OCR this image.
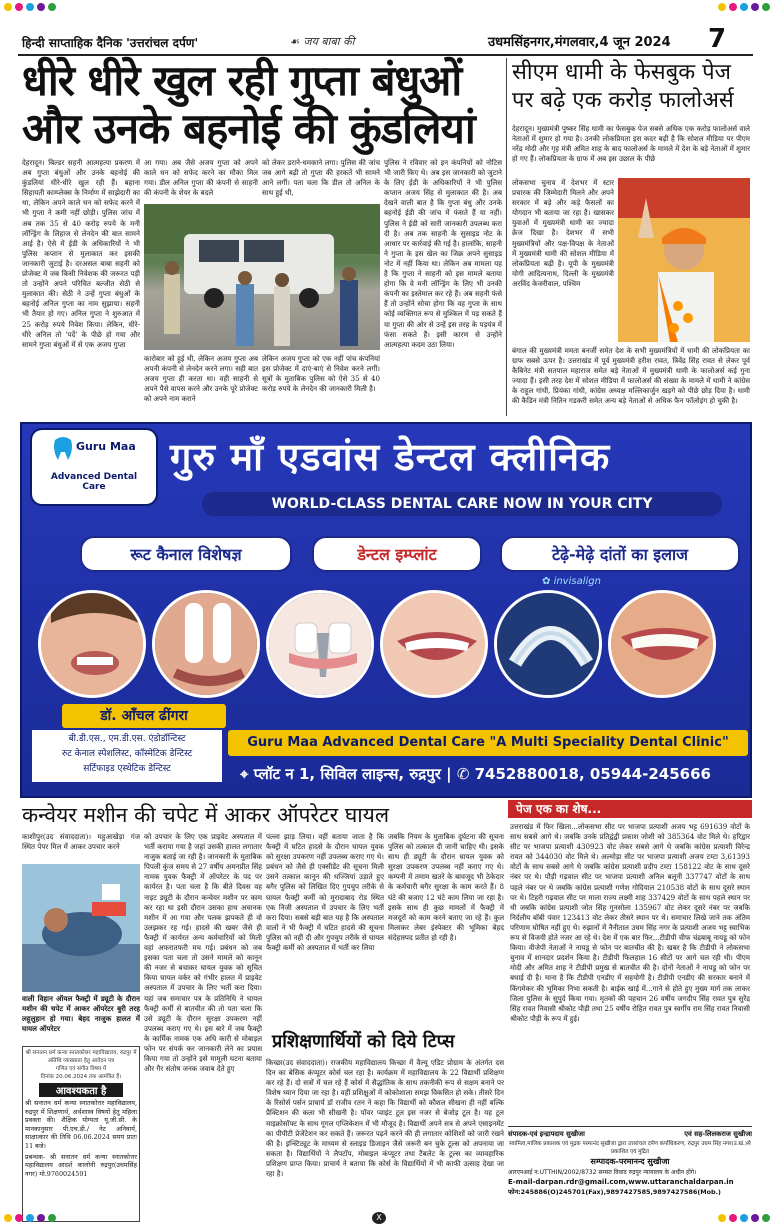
हिन्दी साप्ताहिक दैनिक 'उत्तरांचल दर्पण'	☙ जय बाबा की	उधमसिंहनगर,मंगलवार,4 जून 2024 7
धीरे धीरे खुल रही गुप्ता बंधुओं
और उनके बहनोई की कुंडलियां
देहरादून। बिल्डर सहनी आत्महत्या प्रकरण में अब गुप्ता बंधुओं और उनके बहनोई की कुंडलियां धीरे-धीरे खुल रही हैं। बहाना सिहायती काम्प्लेक्स के निर्माण में साझेदारी का था, लेकिन अपने काले धन को सफेद करने में भी गुप्ता ने कमी नहीं छोड़ी। पुलिस जांच में अब तक 35 से 40 करोड़ रुपये के मनी लॉन्ड्रिंग के लिहाज से लेनदेन की बात सामने आई है। ऐसे में ईडी के अधिकारियों ने भी पुलिस कप्तान से मुलाकात कर इसकी जानकारी जुटाई है। दरअसल बाबा सहनी को प्रोजेक्ट में जब किसी निवेशक की जरूरत पड़ी तो उन्होंने अपने परिचित बल्जीत सेठी से मुलाकात की। सेठी ने उन्हें गुप्ता बंधुओं के बहनोई अनिल गुप्ता का नाम सुझाया। सहनी भी तैयार हो गए। अनिल गुप्ता ने शुरुआत में 25 करोड़ रुपये निवेश किया। लेकिन, धीरे-धीरे अनिल तो 'पर्दे' के पीछे हो गया और सामने गुप्ता बंधुओं में से एक अजय गुप्ता
आ गया। अब जैसे अजय गुप्ता को अपने काले धन को सफेद करने का मौका मिल गया। डील अनिल गुप्ता की कंपनी से साहनी की कंपनी के शेयर के बदले
को लेकर डराने-धमकाने लगा। पुलिस की जांच जब आगे बढ़ी तो गुप्ता की हरकतें भी सामने आने लगीं। पता चला कि डील तो अनिल के साथ हुई थी,
कारोबार को हुई थी, लेकिन अजय गुप्ता अब अपनी कंपनी से लेनदेन करने लगा। सही बात अजय गुप्ता ही करता था। वही साहनी से अपने पैसे वापस करने और उनके पूरे प्रोजेक्ट को अपने नाम कराने
लेकिन अजय गुप्ता को एक नहीं पांच कंपनियां इस प्रोजेक्ट में दाएं-बाएं से निवेश करने लगीं। सूत्रों के मुताबिक पुलिस को ऐसे 35 से 40 करोड़ रुपये के लेनदेन की जानकारी मिली है।
पुलिस ने रविवार को इन कंपनियों को नोटिस भी जारी किए थे। अब इस जानकारी को जुटाने के लिए ईडी के अधिकारियों ने भी पुलिस कप्तान अजय सिंह से मुलाकात की है। अब देखने वाली बात है कि गुप्ता बंधु और उनके बहनोई ईडी की जांच में फंसते हैं या नहीं। पुलिस ने ईडी को सारी जानकारी उपलब्ध करा दी है। अब तक साहनी के सुसाइड नोट के आधार पर कार्रवाई की गई है। हालांकि, साहनी ने गुप्ता के इस खेल का जिक्र अपने सुसाइड नोट में नहीं किया था। लेकिन अब मामला यह है कि गुप्ता ने साहनी को इस मामले बताया होगा कि वे मनी लॉन्ड्रिंग के लिए भी उनकी कंपनी का इस्तेमाल कर रहे हैं। अब सहनी फंसे हैं तो उन्होंने सोचा होगा कि वह गुप्ता के साथ कोई व्यक्तिगत रूप से मुश्किल में पड़ सकते हैं या गुप्ता की ओर से उन्हें इस तरह के पड़यंत्र में फंसा सकते हैं। इसी कारण से उन्होंने आत्महत्या कदम उठा लिया।
सीएम धामी के फेसबुक पेज
पर बढ़े एक करोड़ फालोअर्स
देहरादून। मुख्यमंत्री पुष्कर सिंह धामी का फेसबुक पेज सबसे अधिक एक करोड़ फालोअर्स वाले नेताओं में शुमार हो गया है। उनकी लोकप्रियता इस कदर बढ़ी है कि सोशल मीडिया पर पीएम नरेंद्र मोदी और गृह मंत्री अमित शाह के बाद फालोअर्स के मामले में देश के बड़े नेताओं में शुमार हो गए हैं। लोकप्रियता के ग्राफ में अब इस उछाल के पीछे
लोकसभा चुनाव में देशभर में स्टार प्रचारक की जिम्मेदारी मिलने और अपने सरकार में बड़े और कड़े फैसलों का योगदान भी बताया जा रहा है। खासकर युवाओं में मुख्यमंत्री धामी का ज्यादा क्रेज दिखा है। देशभर में सभी मुख्यमंत्रियों और पक्ष-विपक्ष के नेताओं में मुख्यमंत्री धामी की सोशल मीडिया में लोकप्रियता बढ़ी है। यूपी के मुख्यमंत्री योगी आदित्यनाथ, दिल्ली के मुख्यमंत्री अरविंद केजरीवाल, पश्चिम
बंगाल की मुख्यमंत्री ममता बनर्जी समेत देश के सभी मुख्यमंत्रियों में धामी की लोकप्रियता का ग्राफ सबसे ऊपर है। उत्तराखंड में पूर्व मुख्यमंत्री हरीश रावत, त्रिवेंद्र सिंह रावत से लेकर पूर्व कैबिनेट मंत्री सतपाल महाराज समेत बड़े नेताओं में मुख्यमंत्री धामी के फालोअर्स कई गुना ज्यादा हैं। इसी तरह देश में सोशल मीडिया में फालोअर्स की संख्या के मामले में धामी ने कांग्रेस के राहुल गांधी, प्रियंका गांधी, कांग्रेस अध्यक्ष मल्लिकार्जुन खड़गे को पीछे छोड़ दिया है। धामी की कैडिन मंत्री नितिन गडकरी समेत अन्य बड़े नेताओं से अधिक फैन फॉलोइंग हो चुकी है।
Guru Maa
Advanced Dental Care
गुरु माँ एडवांस डेन्टल क्लीनिक
WORLD-CLASS DENTAL CARE NOW IN YOUR CITY
रूट कैनाल विशेषज्ञ	डेन्टल इम्प्लांट	टेढ़े-मेढ़े दांतों का इलाज
✿ invisalign
डॉ. आँचल ढींगरा
बी.डी.एस., एम.डी.एस. एंडोडॉन्टिस्ट
रुट केनाल स्पेशलिस्ट, कॉस्मेटिक डेन्टिस्ट
सर्टिफाइड एस्थेटिक डेन्टिस्ट
Guru Maa Advanced Dental Care "A Multi Speciality Dental Clinic"
⌖ प्लॉट न 1, सिविल लाइन्स, रुद्रपुर | ✆ 7452880018, 05944-245666
कन्वेयर मशीन की चपेट में आकर ऑपरेटर घायल
काशीपुर(उद संवाददाता)। महुआखेड़ा गंज स्थित पेपर मिल में आकर उपचार करने
वाली विहान ऑयल फैक्ट्री में ड्यूटी के दौरान मशीन की चपेट में आकर ऑपरेटर बुरी तरह लहूलुहान हो गया। बेहद नाजुक हालत में घायल ऑपरेटर
को उपचार के लिए एक प्राइवेट अस्पताल में भर्ती कराया गया है जहां उसकी हालत लगातार नाजुक बताई जा रही है। जानकारी के मुताबिक पिपली कुंज समय से 27 वर्षीय अमनप्रीत सिंह नामक युवक फैक्ट्री में ऑपरेटर के पद पर कार्यरत है। पता चला है कि बीते दिवस वह नाइट ड्यूटी के दौरान कन्वेयर मशीन पर काम कर रहा था इसी दौरान उसका हाथ अचानक मशीन में आ गया और पलक झपकते ही वो उलझकर रह गई। हादसे की खबर जैसे ही फैक्ट्री में कार्यरत अन्य कर्मचारियों को मिली वहां अफरातफरी मच गई। प्रबंधन को जब इसका पता चला तो उसने मामले को कानून की नजर से बचाकर घायल युवक को सूचित किया घायल वर्कर को गंभीर हालत में प्राइवेट अस्पताल में उपचार के लिए भर्ती करा दिया। यहां जब समाचार पत्र के प्रतिनिधि ने घायल फैक्ट्री कर्मी से बातचीत की तो पता चला कि उसे ड्यूटी के दौरान सुरक्षा उपकरण नहीं उपलब्ध कराए गए थे। इस बारे में जब फैक्ट्री के कार्मिक नामक एक अधि कारी से मोबाइल फोन पर संपर्क कर जानकारी लेने का प्रयास किया गया तो उन्होंने इसे मामूली घटना बताया और गैर संतोष जनक जवाब देते हुए
पल्ला झाड़ लिया। वहीं बताया जाता है कि फैक्ट्री में घटित हादसे के दौरान घायल युवक को सुरक्षा उपकरण नहीं उपलब्ध कराए गए थे। प्रबंधन को जैसे ही एक्सीडेंट की सूचना मिली उसने तत्काल कानून की धज्जियां उड़ाते हुए बगैर पुलिस को लिखित दिए गुपचुप तरीके से घायल फैक्ट्री कर्मी को मुरादाबाद रोड स्थित एक निजी अस्पताल में उपचार के लिए भर्ती करा दिया। सबसे बड़ी बात यह है कि अस्पताल वालों ने भी फैक्ट्री में घटित हादसे की सूचना पुलिस को नहीं दी और गुपचुप तरीके से घायल फैक्ट्री कर्मी को अस्पताल में भर्ती कर लिया
जबकि नियम के मुताबिक दुर्घटना की सूचना पुलिस को तत्काल दी जानी चाहिए थी। इसके साथ ही ड्यूटी के दौरान घायल युवक को सुरक्षा उपकरण उपलब्ध नहीं कराए गए थे। कम्पनी में तमाम खतरे के बावजूद भी ठेकेदार के कर्मचारी बगैर सुरक्षा के काम करते हैं। 8 घंटे की बजाए 12 घंटे काम लिया जा रहा है। इसके साथ ही कुछ मामलों में फैक्ट्री में मजदूरों को काम करने बताए जा रहे हैं। कुल मिलाकर लेबर इंस्पेक्टर की भूमिका बेहद संदेहास्पद प्रतीत हो रही है।
श्री सनातन धर्म कन्या स्नातकोत्तर महाविद्यालय, रुद्रपुर में
अतिथि व्याख्याता हेतु आवेदन पत्र
गणित एवं संगीत विषय में
दिनांक 20.06.2024 तक आमंत्रित हैं।
आवश्यकता है
श्री सनातन धर्म कन्या स्नातकोत्तर महाविद्यालय, रुद्रपुर में शिक्षणार्थ, अर्थशास्त्र विषयों हेतु महिला प्रवक्ता की। शैक्षिक योग्यता यू.जी.सी. के मानकानुसार पी.एच.डी./ नेट अनिवार्य, साक्षात्कार की तिथि 06.06.2024 समय प्रातः 11 बजे।
प्रबन्धक- श्री सनातन धर्म कन्या स्नातकोत्तर महाविद्यालय आदर्श कालोनी रुद्रपुर(उधमसिंह नगर) मो.9760024591
प्रशिक्षणार्थियों को दिये टिप्स
किच्छा(उद संवाददाता)। राजकीय महाविद्यालय किच्छा में वैल्यू एडिट प्रोग्राम के अंतर्गत दस दिन का बेसिक कंप्यूटर कोर्स चल रहा है। कार्यक्रम में महाविद्यालय के 22 विद्यार्थी प्रशिक्षण कर रहे हैं। दो सत्रों में चल रहे हैं कोर्स में सैद्धांतिक के साथ तकनीकी रूप से सक्षम बनाने पर विशेष ध्यान दिया जा रहा है। वहीं प्रशिक्षुओं में कोकोशाला समझ विकसित हो सके। तीसरे दिन के रिसोर्स पर्सन प्राचार्य डॉ राजीव रतन ने कहा कि विद्यार्थी को कौशल सीखना ही नहीं बल्कि प्रैक्टिशन की कला भी सीखनी है। पॉवर प्वाइंट टूल इस नजर से बेजोड़ टूल है। यह टूल माइक्रोसॉफ्ट के साथ गूगल एप्लिकेशन में भी मौजूद है। विद्यार्थी अपने सत्र से अपने एसाइनमेंट का पीपीटी प्रेजेंटेशन कर सकते हैं। जरूरत पढ़ने करने की ही लगातार कोशिशों को जारी रखने की है। इन्स्टिट्यूट के माध्यम से स्लाइड डिजाइन जैसे जरूरी बन चुके टूल्स को अपनाया जा सकता है। विद्यार्थियों ने लैपटॉप, मोबाइल कंप्यूटर तथा टैबलेट के टूल्स का व्यावहारिक प्रशिक्षण प्राप्त किया। प्राचार्य ने बताया कि कोर्स के विद्यार्थियों में भी काफी उत्साह देखा जा रहा है।
पेज एक का शेष...
उत्तराखंड में फिर खिला...लोकसभा सीट पर भाजपा प्रत्याशी अजय भट्ट 691639 वोटों के साथ सबसे आगे थे। जबकि उनके प्रतिद्वंद्वी प्रकाश जोशी को 385364 वोट मिले थे। हरिद्वार सीट पर भाजपा प्रत्याशी 430923 वोट लेकर सबसे आगे थे जबकि कांग्रेस प्रत्याशी विरेन्द्र रावत को 344030 वोट मिले थे। अल्मोड़ा सीट पर भाजपा प्रत्याशी अजय टम्टा 3,61393 वोटों के साथ सबसे आगे थे जबकि कांग्रेस प्रत्याशी प्रदीप टम्टा 158122 वोट के साथ दूसरे नंबर पर थे। पौड़ी गढ़वाल सीट पर भाजपा प्रत्याशी अनिल बलूनी 337747 वोटों के साथ पहले नंबर पर थे जबकि कांग्रेस प्रत्याशी गणेश गोदियाल 210538 वोटों के साथ दूसरे स्थान पर थे। टिहरी गढ़वाल सीट पर माला राज्य लक्ष्मी शाह 337429 वोटों के साथ पहले स्थान पर थी जबकि कांग्रेस प्रत्याशी जोत सिंह गुनसोला 135967 वोट लेकर दूसरे नंबर पर जबकि निर्दलीय बॉबी पंवार 123413 वोट लेकर तीसरे स्थान पर थे। समाचार लिखे जाने तक अंतिम परिणाम घोषित नहीं हुए थे। रुझानों में नैनीताल उधम सिंह नगर के प्रत्याशी अजय भट्ट स्वाभिक रूप से विजयी होते नजर आ रहे थे। देश में एक बार फिर...टीडीपी चीफ चंद्रबाबू नायडू को फोन किया। वीजेपी नेताओं ने नायडू से फोन पर बातचीत की है। खबर है कि टीडीपी ने लोकसभा चुनाव में शानदार प्रदर्शन किया है। टीडीपी फिलहाल 16 सीटों पर आगे चल रही थी। पीएम मोदी और अमित शाह ने टीडीपी प्रमुख से बातचीत की है। दोनों नेताओं ने नायडू को फोन पर बधाई दी है। माना है कि टीडीपी एनडीए में सहयोगी है। टीडीपी एनडीए की सरकार बनाने में किंगमेकर की भूमिका निभा सकती है। बाईक खाई में...गाने से होते हुए मुख्य मार्ग तक लाकर जिला पुलिस के सुपुर्द किया गया। मृतकों की पहचान 26 वर्षीय जगदीप सिंह रावत पुत्र सुरेंद्र सिंह रावत निवासी श्रीकोट पौड़ी तथा 25 वर्षीय रोहित रावत पुत्र स्वर्गीय राम सिंह रावत निवासी श्रीकोट पौड़ी के रूप में हुई।
संपादक-एवं इन्द्रापदाय सुखीजा	एवं सह-लिलकराज सुखीजा
स्वामित्व,मालिक प्रकाशक एवं मुद्रक परमानंद सुखीजा द्वारा उत्तरांचल दर्पण कर्पाधिकरण, रुद्रपुर उधम सिंह नगर(उ.खं.)से प्रकाशित एवं मुद्रित
सम्पादक-परमानन्द सुखीजा
आरएनआई न:UTTHIN/2002/8732 समस्त विवाद रुद्रपुर न्यायालय के अधीन होंगे।
E-mail-darpan.rdr@gmail.com,www.uttaranchaldarpan.in
फोन:245886(O)245701(Fax),9897427585,9897427586(Mob.)
X
